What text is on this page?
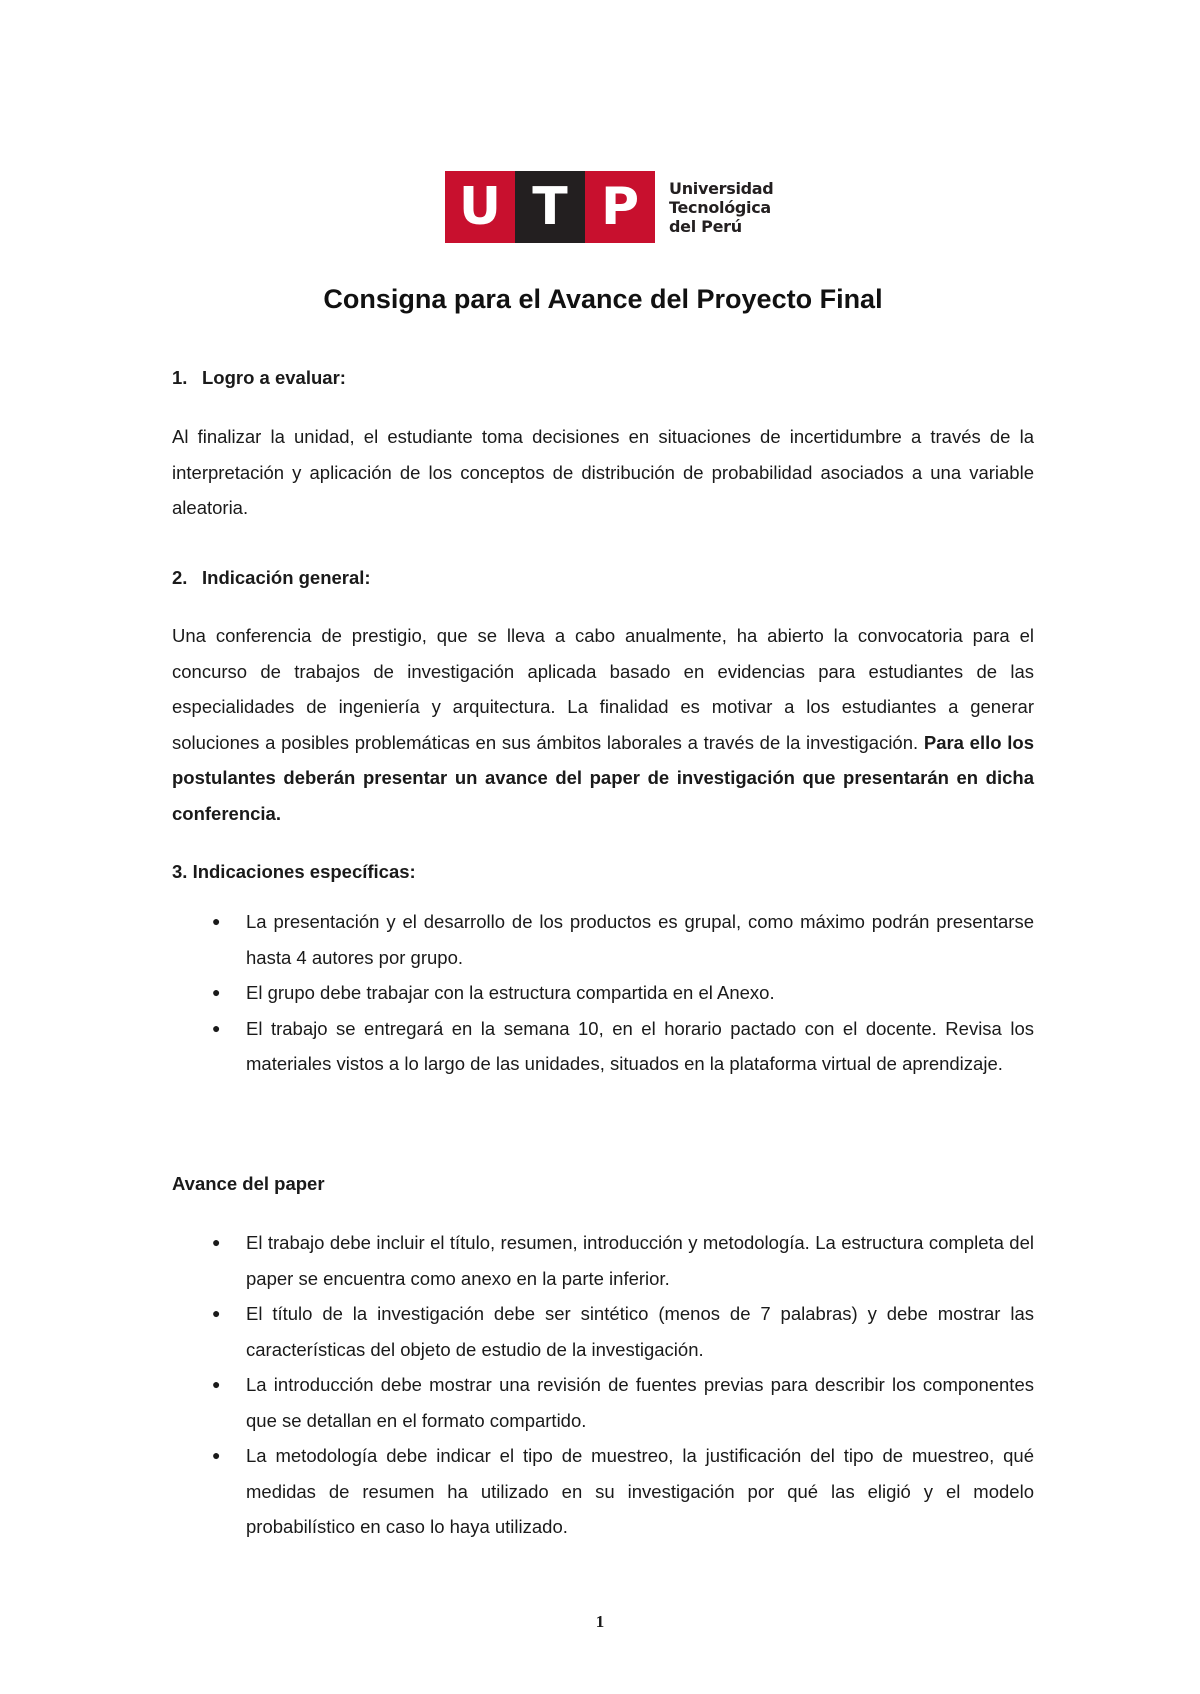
U T P	Universidad
Tecnológica
del Perú
Consigna para el Avance del Proyecto Final
1. Logro a evaluar:
Al finalizar la unidad, el estudiante toma decisiones en situaciones de incertidumbre a través de la interpretación y aplicación de los conceptos de distribución de probabilidad asociados a una variable aleatoria.
2. Indicación general:
Una conferencia de prestigio, que se lleva a cabo anualmente, ha abierto la convocatoria para el concurso de trabajos de investigación aplicada basado en evidencias para estudiantes de las especialidades de ingeniería y arquitectura. La finalidad es motivar a los estudiantes a generar soluciones a posibles problemáticas en sus ámbitos laborales a través de la investigación. Para ello los postulantes deberán presentar un avance del paper de investigación que presentarán en dicha conferencia.
3. Indicaciones específicas:
● La presentación y el desarrollo de los productos es grupal, como máximo podrán presentarse hasta 4 autores por grupo.
● El grupo debe trabajar con la estructura compartida en el Anexo.
● El trabajo se entregará en la semana 10, en el horario pactado con el docente. Revisa los materiales vistos a lo largo de las unidades, situados en la plataforma virtual de aprendizaje.
Avance del paper
● El trabajo debe incluir el título, resumen, introducción y metodología. La estructura completa del paper se encuentra como anexo en la parte inferior.
● El título de la investigación debe ser sintético (menos de 7 palabras) y debe mostrar las características del objeto de estudio de la investigación.
● La introducción debe mostrar una revisión de fuentes previas para describir los componentes que se detallan en el formato compartido.
● La metodología debe indicar el tipo de muestreo, la justificación del tipo de muestreo, qué medidas de resumen ha utilizado en su investigación por qué las eligió y el modelo probabilístico en caso lo haya utilizado.
1
